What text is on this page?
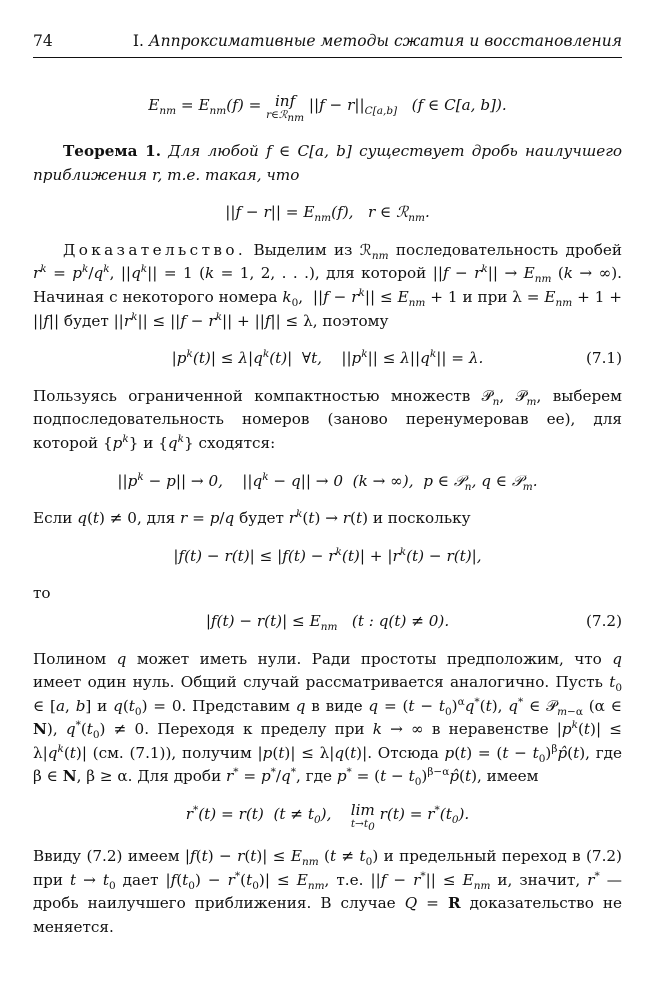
74	I. Аппроксимативные методы сжатия и восстановления
$E_{nm} = E_{nm}(f)$ = inf
r∈ℛ$_{nm}$
$||f - r||_{C[a,b]}$   (f ∈ C[a, b]).

Теорема 1. Для любой f ∈ C[a, b] существует дробь наилучшего приближения r, т.е. такая, что

$||f - r|| = E_{nm}(f)$,   r ∈ ℛ$_{nm}$.

Доказательство. Выделим из ℛ$_{nm}$ последовательность дробей $r^k = p^k/q^k$, $||q^k|| = 1$ (k = 1, 2, . . .), для которой $||f - r^k|| \to E_{nm}$ (k → ∞). Начиная с некоторого номера $k_0$,  $||f - r^k|| \le E_{nm} + 1$ и при $\lambda = E_{nm} + 1 + ||f||$ будет $||r^k|| \le ||f - r^k|| + ||f|| \le \lambda$, поэтому

$|p^k(t)| \le \lambda|q^k(t)|$  ∀t,    $||p^k|| \le \lambda||q^k|| = \lambda$.	(7.1)

Пользуясь ограниченной компактностью множеств 𝒫$_n$, 𝒫$_m$, выберем подпоследовательность номеров (заново перенумеровав ее), для которой $\{p^k\}$ и $\{q^k\}$ сходятся:

$||p^k - p|| \to 0$,    $||q^k - q|| \to 0$  (k → ∞),  p ∈ 𝒫$_n$, q ∈ 𝒫$_m$.

Если q(t) ≠ 0, для r = p/q будет $r^k(t) \to r(t)$ и поскольку

$|f(t) - r(t)| \le |f(t) - r^k(t)| + |r^k(t) - r(t)|$,

то

$|f(t) - r(t)| \le E_{nm}$   (t : q(t) ≠ 0).	(7.2)

Полином q может иметь нули. Ради простоты предположим, что q имеет один нуль. Общий случай рассматривается аналогично. Пусть $t_0$ ∈ [a, b] и $q(t_0) = 0$. Представим q в виде $q = (t - t_0)^\alpha q^*(t)$, q* ∈ 𝒫$_{m-\alpha}$ (α ∈ N), $q^*(t_0) \ne 0$. Переходя к пределу при k → ∞ в неравенстве $|p^k(t)| \le \lambda|q^k(t)|$ (см. (7.1)), получим |p(t)| ≤ λ|q(t)|. Отсюда $p(t) = (t - t_0)^\beta p̂(t)$, где β ∈ N, β ≥ α. Для дроби r* = p*/q*, где $p^* = (t - t_0)^{\beta-\alpha}p̂(t)$, имеем

r*(t) = r(t)  $(t \ne t_0)$, lim
$t\to t_0$
$r(t) = r^*(t_0)$.

Ввиду (7.2) имеем $|f(t) - r(t)| \le E_{nm}$ $(t \ne t_0)$ и предельный переход в (7.2) при $t \to t_0$ дает $|f(t_0) - r^*(t_0)| \le E_{nm}$, т.е. $||f - r^*|| \le E_{nm}$ и, значит, r* — дробь наилучшего приближения. В случае Q = R доказательство не меняется.
